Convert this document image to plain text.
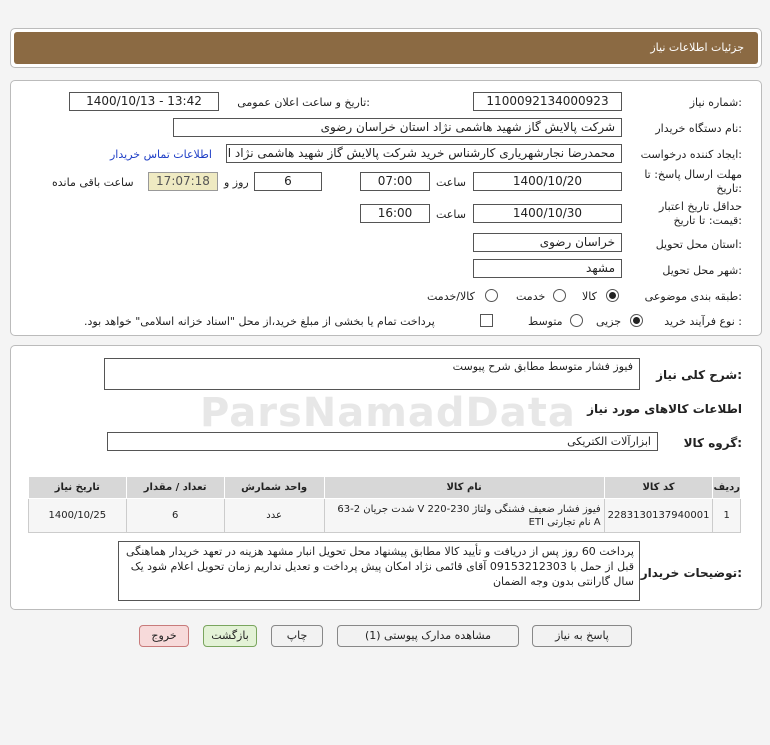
جزئیات اطلاعات نیاز
شماره نیاز:
1100092134000923
تاریخ و ساعت اعلان عمومی:
1400/10/13 - 13:42
نام دستگاه خریدار:
شرکت پالایش گاز شهید هاشمی نژاد استان خراسان رضوی
ایجاد کننده درخواست:
محمدرضا نجارشهریاری کارشناس خرید شرکت پالایش گاز شهید هاشمی نژاد ا
اطلاعات تماس خریدار
مهلت ارسال پاسخ: تا
تاریخ:
1400/10/20
ساعت
07:00
6
روز و
17:07:18
ساعت باقی مانده
حداقل تاریخ اعتبار
قیمت: تا تاریخ:
1400/10/30
ساعت
16:00
استان محل تحویل:
خراسان رضوی
شهر محل تحویل:
مشهد
طبقه بندی موضوعی:
کالا
خدمت
کالا/خدمت
نوع فرآیند خرید :
جزیی
متوسط
پرداخت تمام یا بخشی از مبلغ خرید،از محل "اسناد خزانه اسلامی" خواهد بود.
شرح کلی نیاز:
فیوز فشار متوسط مطابق شرح پیوست
اطلاعات کالاهای مورد نیاز
گروه کالا:
ابزارآلات الکتریکی
ردیف	کد کالا	نام کالا	واحد شمارش	تعداد / مقدار	تاریخ نیاز
1	2283130137940001	فیوز فشار ضعیف فشنگی ولتاژ 230-220 V شدت جریان 2-63 A نام تجارتی ETI	عدد	6	1400/10/25
توضیحات خریدار:
پرداخت 60 روز پس از دریافت و تأیید کالا مطابق پیشنهاد محل تحویل انبار مشهد هزینه در تعهد خریدار هماهنگی قبل از حمل با 09153212303 آقای قائمی نژاد امکان پیش پرداخت و تعدیل نداریم زمان تحویل اعلام شود یک سال گارانتی بدون وجه الضمان
پاسخ به نیاز
مشاهده مدارک پیوستی (1)
چاپ
بازگشت
خروج
